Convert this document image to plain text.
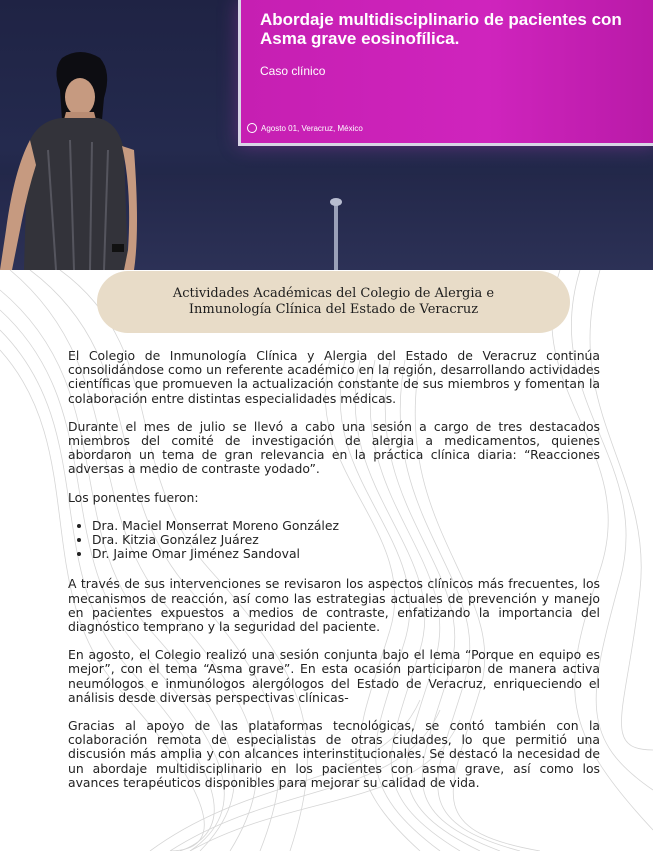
Abordaje multidisciplinario de pacientes con Asma grave eosinofílica.
Caso clínico
Agosto 01, Veracruz, México
Actividades Académicas del Colegio de Alergia e Inmunología Clínica del Estado de Veracruz

El Colegio de Inmunología Clínica y Alergia del Estado de Veracruz continúa consolidándose como un referente académico en la región, desarrollando actividades científicas que promueven la actualización constante de sus miembros y fomentan la colaboración entre distintas especialidades médicas.

Durante el mes de julio se llevó a cabo una sesión a cargo de tres destacados miembros del comité de investigación de alergia a medicamentos, quienes abordaron un tema de gran relevancia en la práctica clínica diaria: “Reacciones adversas a medio de contraste yodado”.

Los ponentes fueron:

• Dra. Maciel Monserrat Moreno González
• Dra. Kitzia González Juárez
• Dr. Jaime Omar Jiménez Sandoval

A través de sus intervenciones se revisaron los aspectos clínicos más frecuentes, los mecanismos de reacción, así como las estrategias actuales de prevención y manejo en pacientes expuestos a medios de contraste, enfatizando la importancia del diagnóstico temprano y la seguridad del paciente.

En agosto, el Colegio realizó una sesión conjunta bajo el lema “Porque en equipo es mejor”, con el tema “Asma grave”. En esta ocasión participaron de manera activa neumólogos e inmunólogos alergólogos del Estado de Veracruz, enriqueciendo el análisis desde diversas perspectivas clínicas-

Gracias al apoyo de las plataformas tecnológicas, se contó también con la colaboración remota de especialistas de otras ciudades, lo que permitió una discusión más amplia y con alcances interinstitucionales. Se destacó la necesidad de un abordaje multidisciplinario en los pacientes con asma grave, así como los avances terapéuticos disponibles para mejorar su calidad de vida.
